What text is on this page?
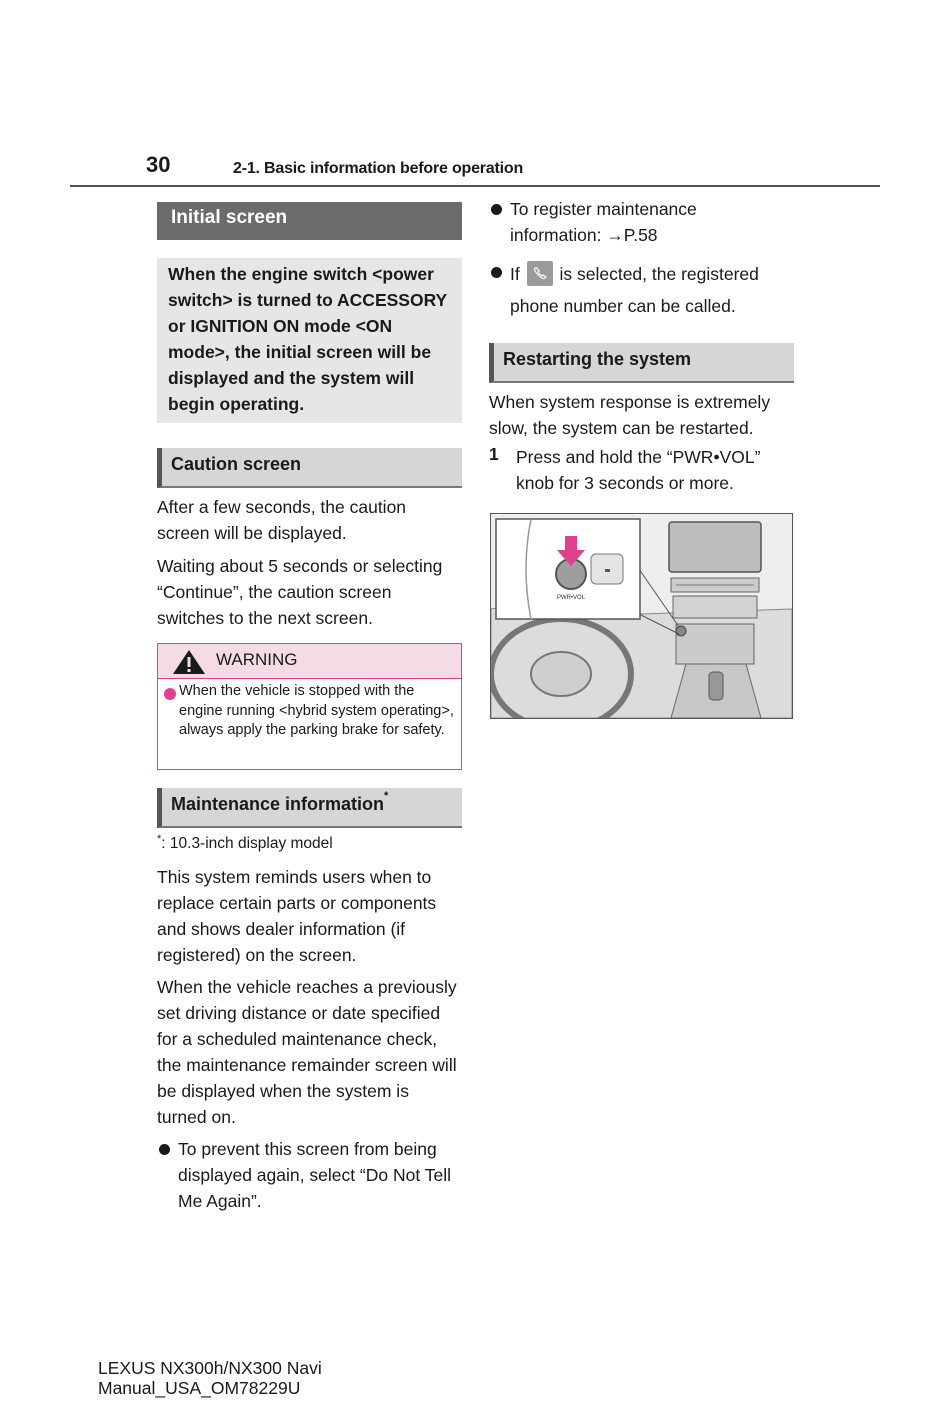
30	2-1. Basic information before operation
Initial screen

When the engine switch <power switch> is turned to ACCESSORY or IGNITION ON mode <ON mode>, the initial screen will be displayed and the system will begin operating.

Caution screen
After a few seconds, the caution screen will be displayed.
Waiting about 5 seconds or selecting “Continue”, the caution screen switches to the next screen.
WARNING

When the vehicle is stopped with the engine running <hybrid system operating>, always apply the parking brake for safety.

Maintenance information*
*: 10.3-inch display model
This system reminds users when to replace certain parts or components and shows dealer information (if registered) on the screen.
When the vehicle reaches a previously set driving distance or date specified for a scheduled maintenance check, the maintenance remainder screen will be displayed when the system is turned on.
To prevent this screen from being displayed again, select “Do Not Tell Me Again”.
To register maintenance information: →P.58
If is selected, the registered
phone number can be called.
Restarting the system
When system response is extremely slow, the system can be restarted.
1 Press and hold the “PWR•VOL” knob for 3 seconds or more.
PWR•VOL
LEXUS NX300h/NX300 Navi Manual_USA_OM78229U
